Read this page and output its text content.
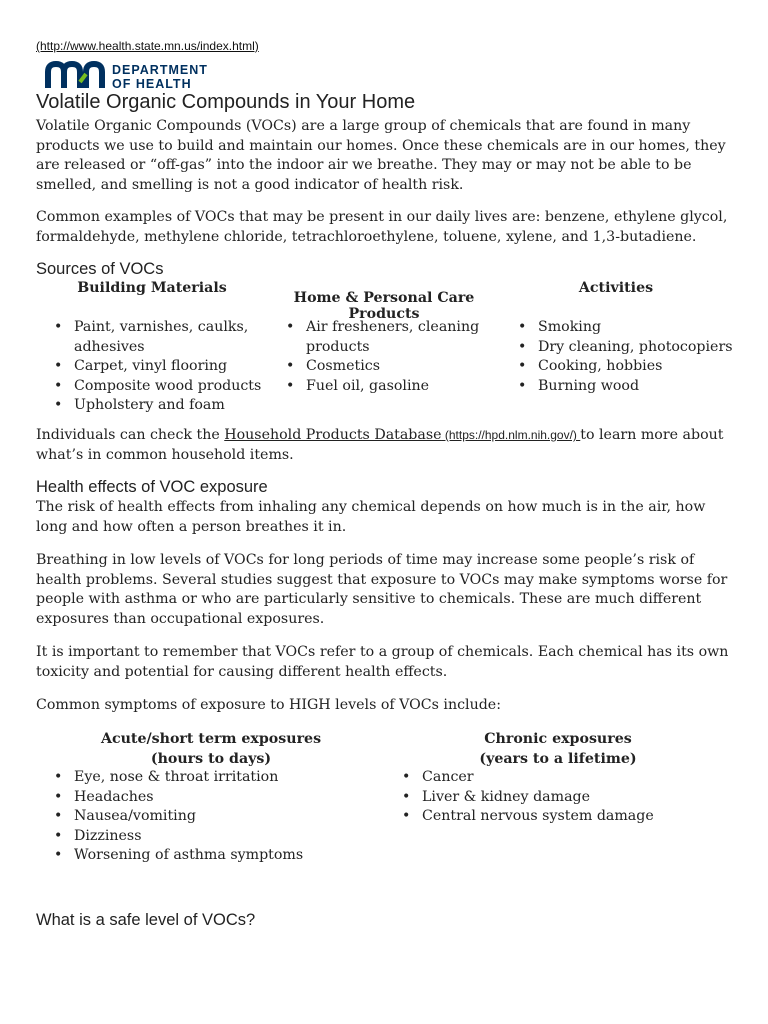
(http://www.health.state.mn.us/index.html)
DEPARTMENT
OF HEALTH
Volatile Organic Compounds in Your Home

Volatile Organic Compounds (VOCs) are a large group of chemicals that are found in many products we use to build and maintain our homes. Once these chemicals are in our homes, they are released or “off-gas” into the indoor air we breathe. They may or may not be able to be smelled, and smelling is not a good indicator of health risk.

Common examples of VOCs that may be present in our daily lives are: benzene, ethylene glycol, formaldehyde, methylene chloride, tetrachloroethylene, toluene, xylene, and 1,3-butadiene.

Sources of VOCs
Building Materials
Home & Personal Care Products
Activities
• Paint, varnishes, caulks, adhesives
• Carpet, vinyl flooring
• Composite wood products
• Upholstery and foam
• Air fresheners, cleaning products
• Cosmetics
• Fuel oil, gasoline
• Smoking
• Dry cleaning, photocopiers
• Cooking, hobbies
• Burning wood

Individuals can check the Household Products Database (https://hpd.nlm.nih.gov/) to learn more about what’s in common household items.

Health effects of VOC exposure

The risk of health effects from inhaling any chemical depends on how much is in the air, how long and how often a person breathes it in.

Breathing in low levels of VOCs for long periods of time may increase some people’s risk of health problems. Several studies suggest that exposure to VOCs may make symptoms worse for people with asthma or who are particularly sensitive to chemicals. These are much different exposures than occupational exposures.

It is important to remember that VOCs refer to a group of chemicals. Each chemical has its own toxicity and potential for causing different health effects.

Common symptoms of exposure to HIGH levels of VOCs include:

Acute/short term exposures
(hours to days)
Chronic exposures
(years to a lifetime)
• Eye, nose & throat irritation
• Headaches
• Nausea/vomiting
• Dizziness
• Worsening of asthma symptoms
• Cancer
• Liver & kidney damage
• Central nervous system damage
What is a safe level of VOCs?
